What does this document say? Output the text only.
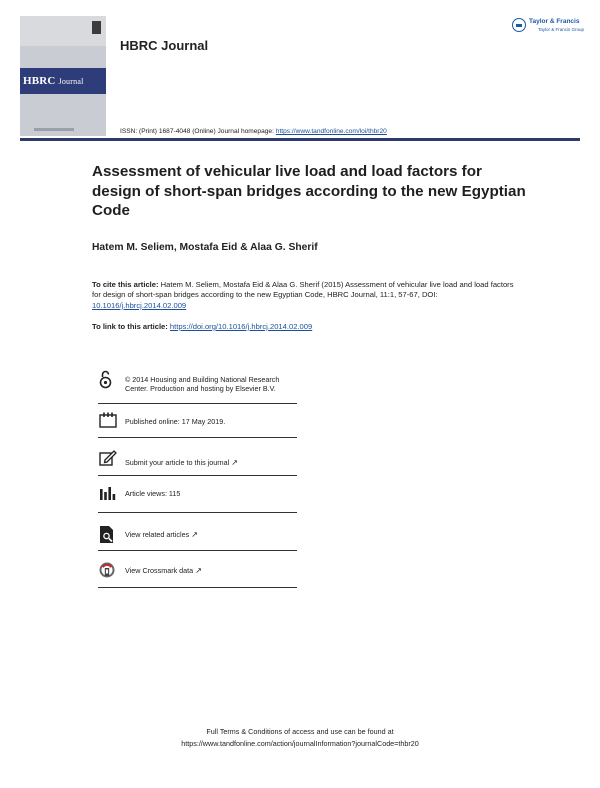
HBRC Journal
HBRC Journal
ISSN: (Print) 1687-4048 (Online) Journal homepage: https://www.tandfonline.com/loi/thbr20
Taylor & Francis
Taylor & Francis Group
Assessment of vehicular live load and load factors for design of short-span bridges according to the new Egyptian Code
Hatem M. Seliem, Mostafa Eid & Alaa G. Sherif
To cite this article: Hatem M. Seliem, Mostafa Eid & Alaa G. Sherif (2015) Assessment of vehicular live load and load factors for design of short-span bridges according to the new Egyptian Code, HBRC Journal, 11:1, 57-67, DOI: 10.1016/j.hbrcj.2014.02.009
To link to this article: https://doi.org/10.1016/j.hbrcj.2014.02.009
© 2014 Housing and Building National Research Center. Production and hosting by Elsevier B.V.
Published online: 17 May 2019.
Submit your article to this journal ↗
Article views: 115
View related articles ↗
View Crossmark data ↗
Full Terms & Conditions of access and use can be found at
https://www.tandfonline.com/action/journalInformation?journalCode=thbr20
